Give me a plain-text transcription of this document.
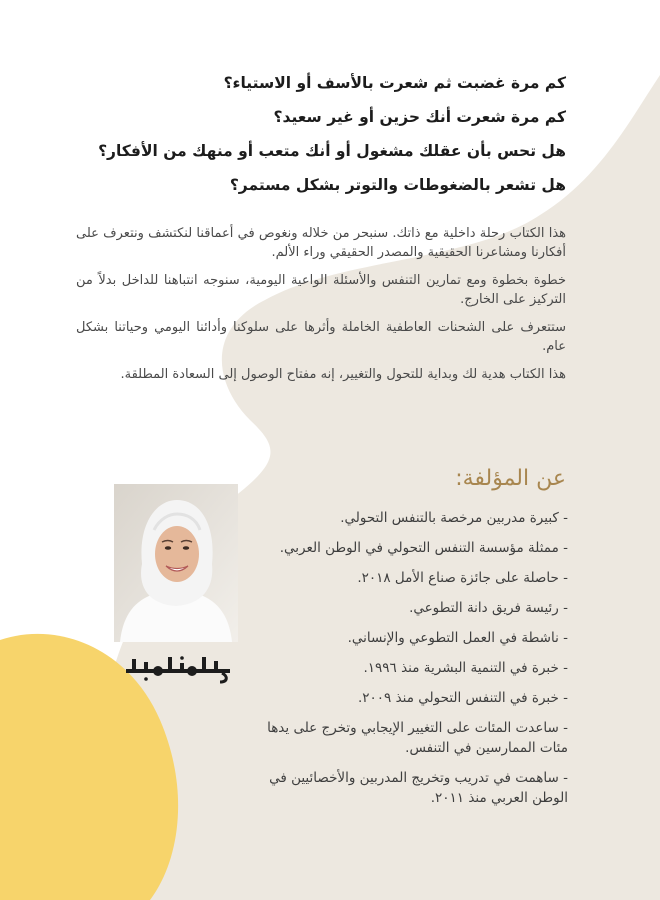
كم مرة غضبت ثم شعرت بالأسف أو الاستياء؟
كم مرة شعرت أنك حزين أو غير سعيد؟
هل تحس بأن عقلك مشغول أو أنك متعب أو منهك من الأفكار؟
هل تشعر بالضغوطات والتوتر بشكل مستمر؟

هذا الكتاب رحلة داخلية مع ذاتك. سنبحر من خلاله ونغوص في أعماقنا لنكتشف ونتعرف على أفكارنا ومشاعرنا الحقيقية والمصدر الحقيقي وراء الألم.

خطوة بخطوة ومع تمارين التنفس والأسئلة الواعية اليومية، سنوجه انتباهنا للداخل بدلاً من التركيز على الخارج.

ستتعرف على الشحنات العاطفية الخاملة وأثرها على سلوكنا وأدائنا اليومي وحياتنا بشكل عام.

هذا الكتاب هدية لك وبداية للتحول والتغيير، إنه مفتاح الوصول إلى السعادة المطلقة.

عن المؤلفة:
- كبيرة مدربين مرخصة بالتنفس التحولي.
- ممثلة مؤسسة التنفس التحولي في الوطن العربي.
- حاصلة على جائزة صناع الأمل ٢٠١٨.
- رئيسة فريق دانة التطوعي.
- ناشطة في العمل التطوعي والإنساني.
- خبرة في التنمية البشرية منذ ١٩٩٦.
- خبرة في التنفس التحولي منذ ٢٠٠٩.
- ساعدت المئات على التغيير الإيجابي وتخرج على يدها مئات الممارسين في التنفس.
- ساهمت في تدريب وتخريج المدربين والأخصائيين في الوطن العربي منذ ٢٠١١.
